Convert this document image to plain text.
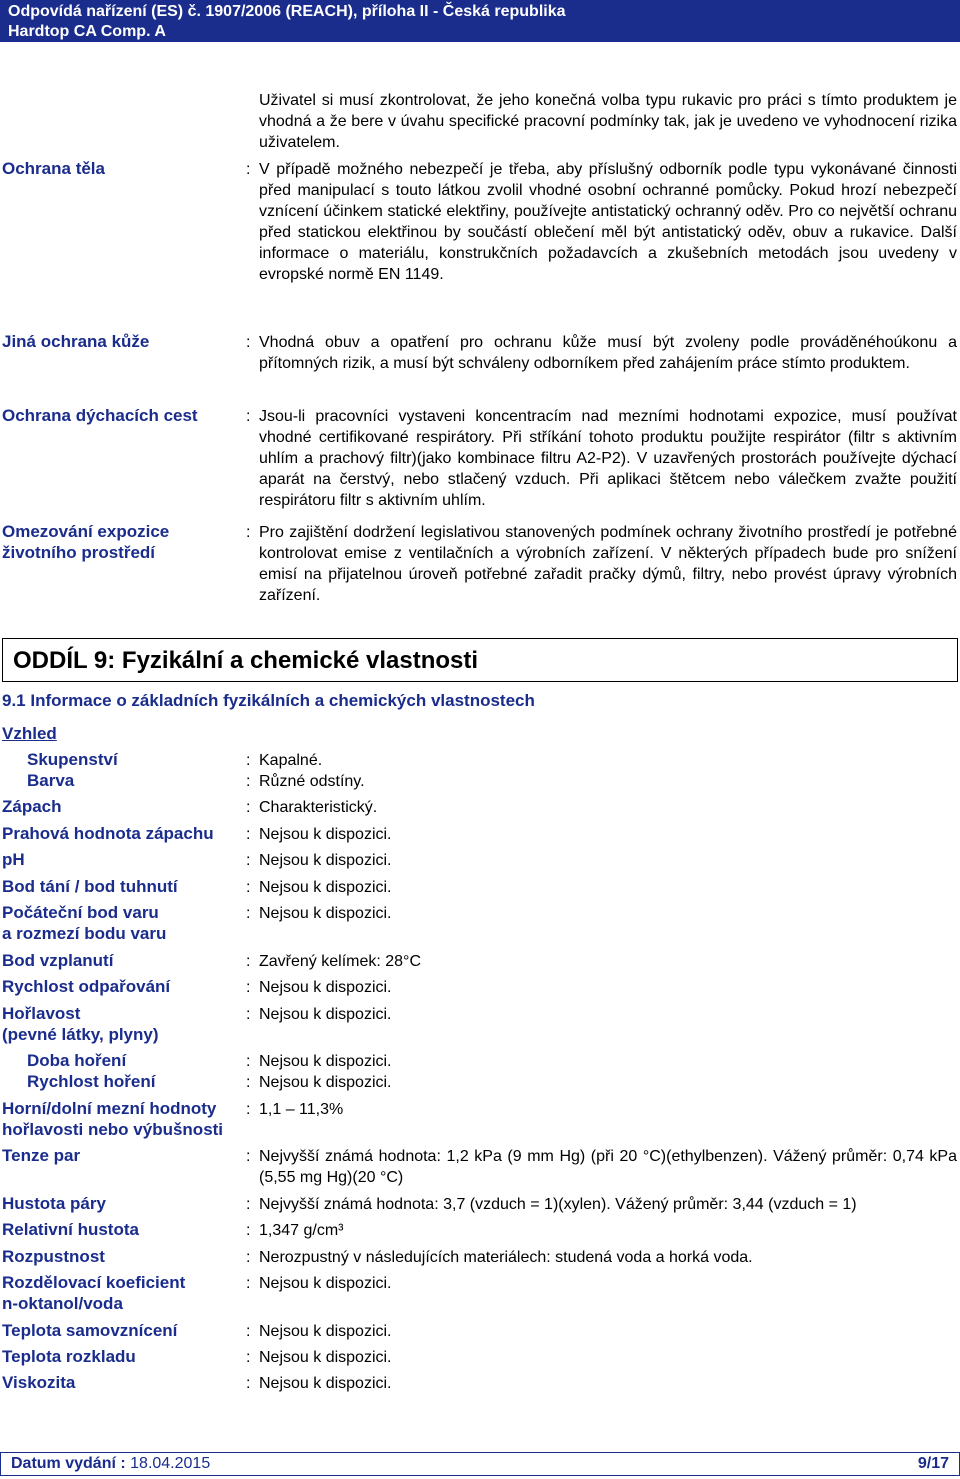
Odpovídá nařízení (ES) č. 1907/2006 (REACH), příloha II - Česká republika
Hardtop CA Comp. A
Uživatel si musí zkontrolovat, že jeho konečná volba typu rukavic pro práci s tímto produktem je vhodná a že bere v úvahu specifické pracovní podmínky tak, jak je uvedeno ve vyhodnocení rizika uživatelem.
Ochrana těla	: V případě možného nebezpečí je třeba, aby příslušný odborník podle typu vykonávané činnosti před manipulací s touto látkou zvolil vhodné osobní ochranné pomůcky. Pokud hrozí nebezpečí vznícení účinkem statické elektřiny, používejte antistatický ochranný oděv. Pro co největší ochranu před statickou elektřinou by součástí oblečení měl být antistatický oděv, obuv a rukavice. Další informace o materiálu, konstrukčních požadavcích a zkušebních metodách jsou uvedeny v evropské normě EN 1149.
Jiná ochrana kůže	: Vhodná obuv a opatření pro ochranu kůže musí být zvoleny podle prováděnéhoúkonu a přítomných rizik, a musí být schváleny odborníkem před zahájením práce stímto produktem.
Ochrana dýchacích cest	: Jsou-li pracovníci vystaveni koncentracím nad mezními hodnotami expozice, musí používat vhodné certifikované respirátory. Při stříkání tohoto produktu použijte respirátor (filtr s aktivním uhlím a prachový filtr)(jako kombinace filtru A2-P2). V uzavřených prostorách používejte dýchací aparát na čerstvý, nebo stlačený vzduch. Při aplikaci štětcem nebo válečkem zvažte použití respirátoru filtr s aktivním uhlím.
Omezování expozice
životního prostředí
: Pro zajištění dodržení legislativou stanovených podmínek ochrany životního prostředí je potřebné kontrolovat emise z ventilačních a výrobních zařízení. V některých případech bude pro snížení emisí na přijatelnou úroveň potřebné zařadit pračky dýmů, filtry, nebo provést úpravy výrobních zařízení.
ODDÍL 9: Fyzikální a chemické vlastnosti
9.1 Informace o základních fyzikálních a chemických vlastnostech
Vzhled
Skupenství	: Kapalné.
Barva	: Různé odstíny.
Zápach	: Charakteristický.
Prahová hodnota zápachu : Nejsou k dispozici.
pH	: Nejsou k dispozici.
Bod tání / bod tuhnutí	: Nejsou k dispozici.
Počáteční bod varu
a rozmezí bodu varu
: Nejsou k dispozici.
Bod vzplanutí	: Zavřený kelímek: 28°C
Rychlost odpařování	: Nejsou k dispozici.
Hořlavost
(pevné látky, plyny)
: Nejsou k dispozici.
Doba hoření	: Nejsou k dispozici.
Rychlost hoření	: Nejsou k dispozici.
Horní/dolní mezní hodnoty
hořlavosti nebo výbušnosti
: 1,1 – 11,3%
Tenze par	: Nejvyšší známá hodnota: 1,2 kPa (9 mm Hg) (při 20 °C)(ethylbenzen). Vážený průměr: 0,74 kPa (5,55 mg Hg)(20 °C)
Hustota páry	: Nejvyšší známá hodnota: 3,7 (vzduch = 1)(xylen). Vážený průměr: 3,44 (vzduch = 1)
Relativní hustota	: 1,347 g/cm³
Rozpustnost	: Nerozpustný v následujících materiálech: studená voda a horká voda.
Rozdělovací koeficient
n-oktanol/voda
: Nejsou k dispozici.
Teplota samovznícení	: Nejsou k dispozici.
Teplota rozkladu	: Nejsou k dispozici.
Viskozita	: Nejsou k dispozici.
Datum vydání : 18.04.2015	9/17
